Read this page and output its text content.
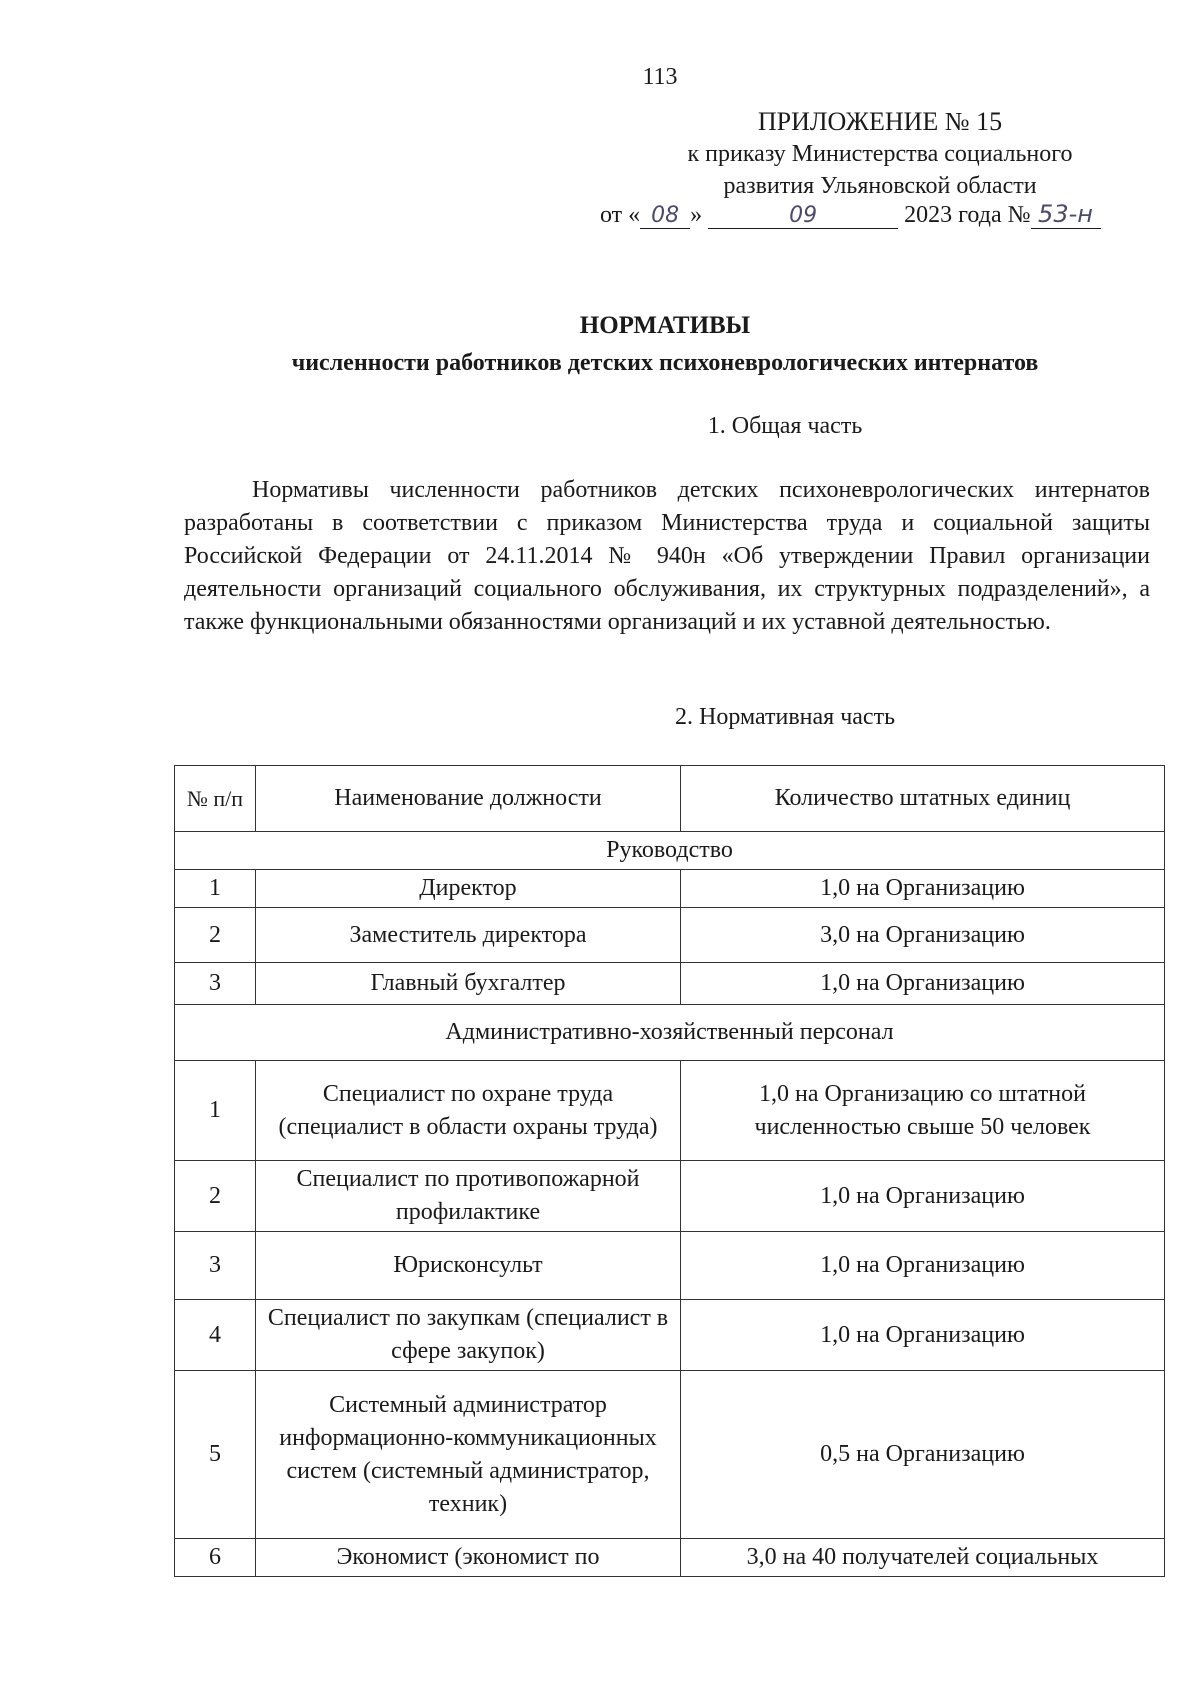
113
ПРИЛОЖЕНИЕ № 15
к приказу Министерства социального
развития Ульяновской области
от « 08 »	09	2023 года № 53-н
НОРМАТИВЫ
численности работников детских психоневрологических интернатов
1. Общая часть
Нормативы численности работников детских психоневрологических интернатов разработаны в соответствии с приказом Министерства труда и социальной защиты Российской Федерации от 24.11.2014 № 940н «Об утверждении Правил организации деятельности организаций социального обслуживания, их структурных подразделений», а также функциональными обязанностями организаций и их уставной деятельностью.
2. Нормативная часть
№ п/п	Наименование должности	Количество штатных единиц
Руководство		
1	Директор	1,0 на Организацию
2	Заместитель директора	3,0 на Организацию
3	Главный бухгалтер	1,0 на Организацию
Административно-хозяйственный персонал		
1	Специалист по охране труда (специалист в области охраны труда)	1,0 на Организацию со штатной численностью свыше 50 человек
2	Специалист по противопожарной профилактике	1,0 на Организацию
3	Юрисконсульт	1,0 на Организацию
4	Специалист по закупкам (специалист в сфере закупок)	1,0 на Организацию
5	Системный администратор информационно-коммуникационных систем (системный администратор, техник)	0,5 на Организацию
6	Экономист (экономист по	3,0 на 40 получателей социальных
